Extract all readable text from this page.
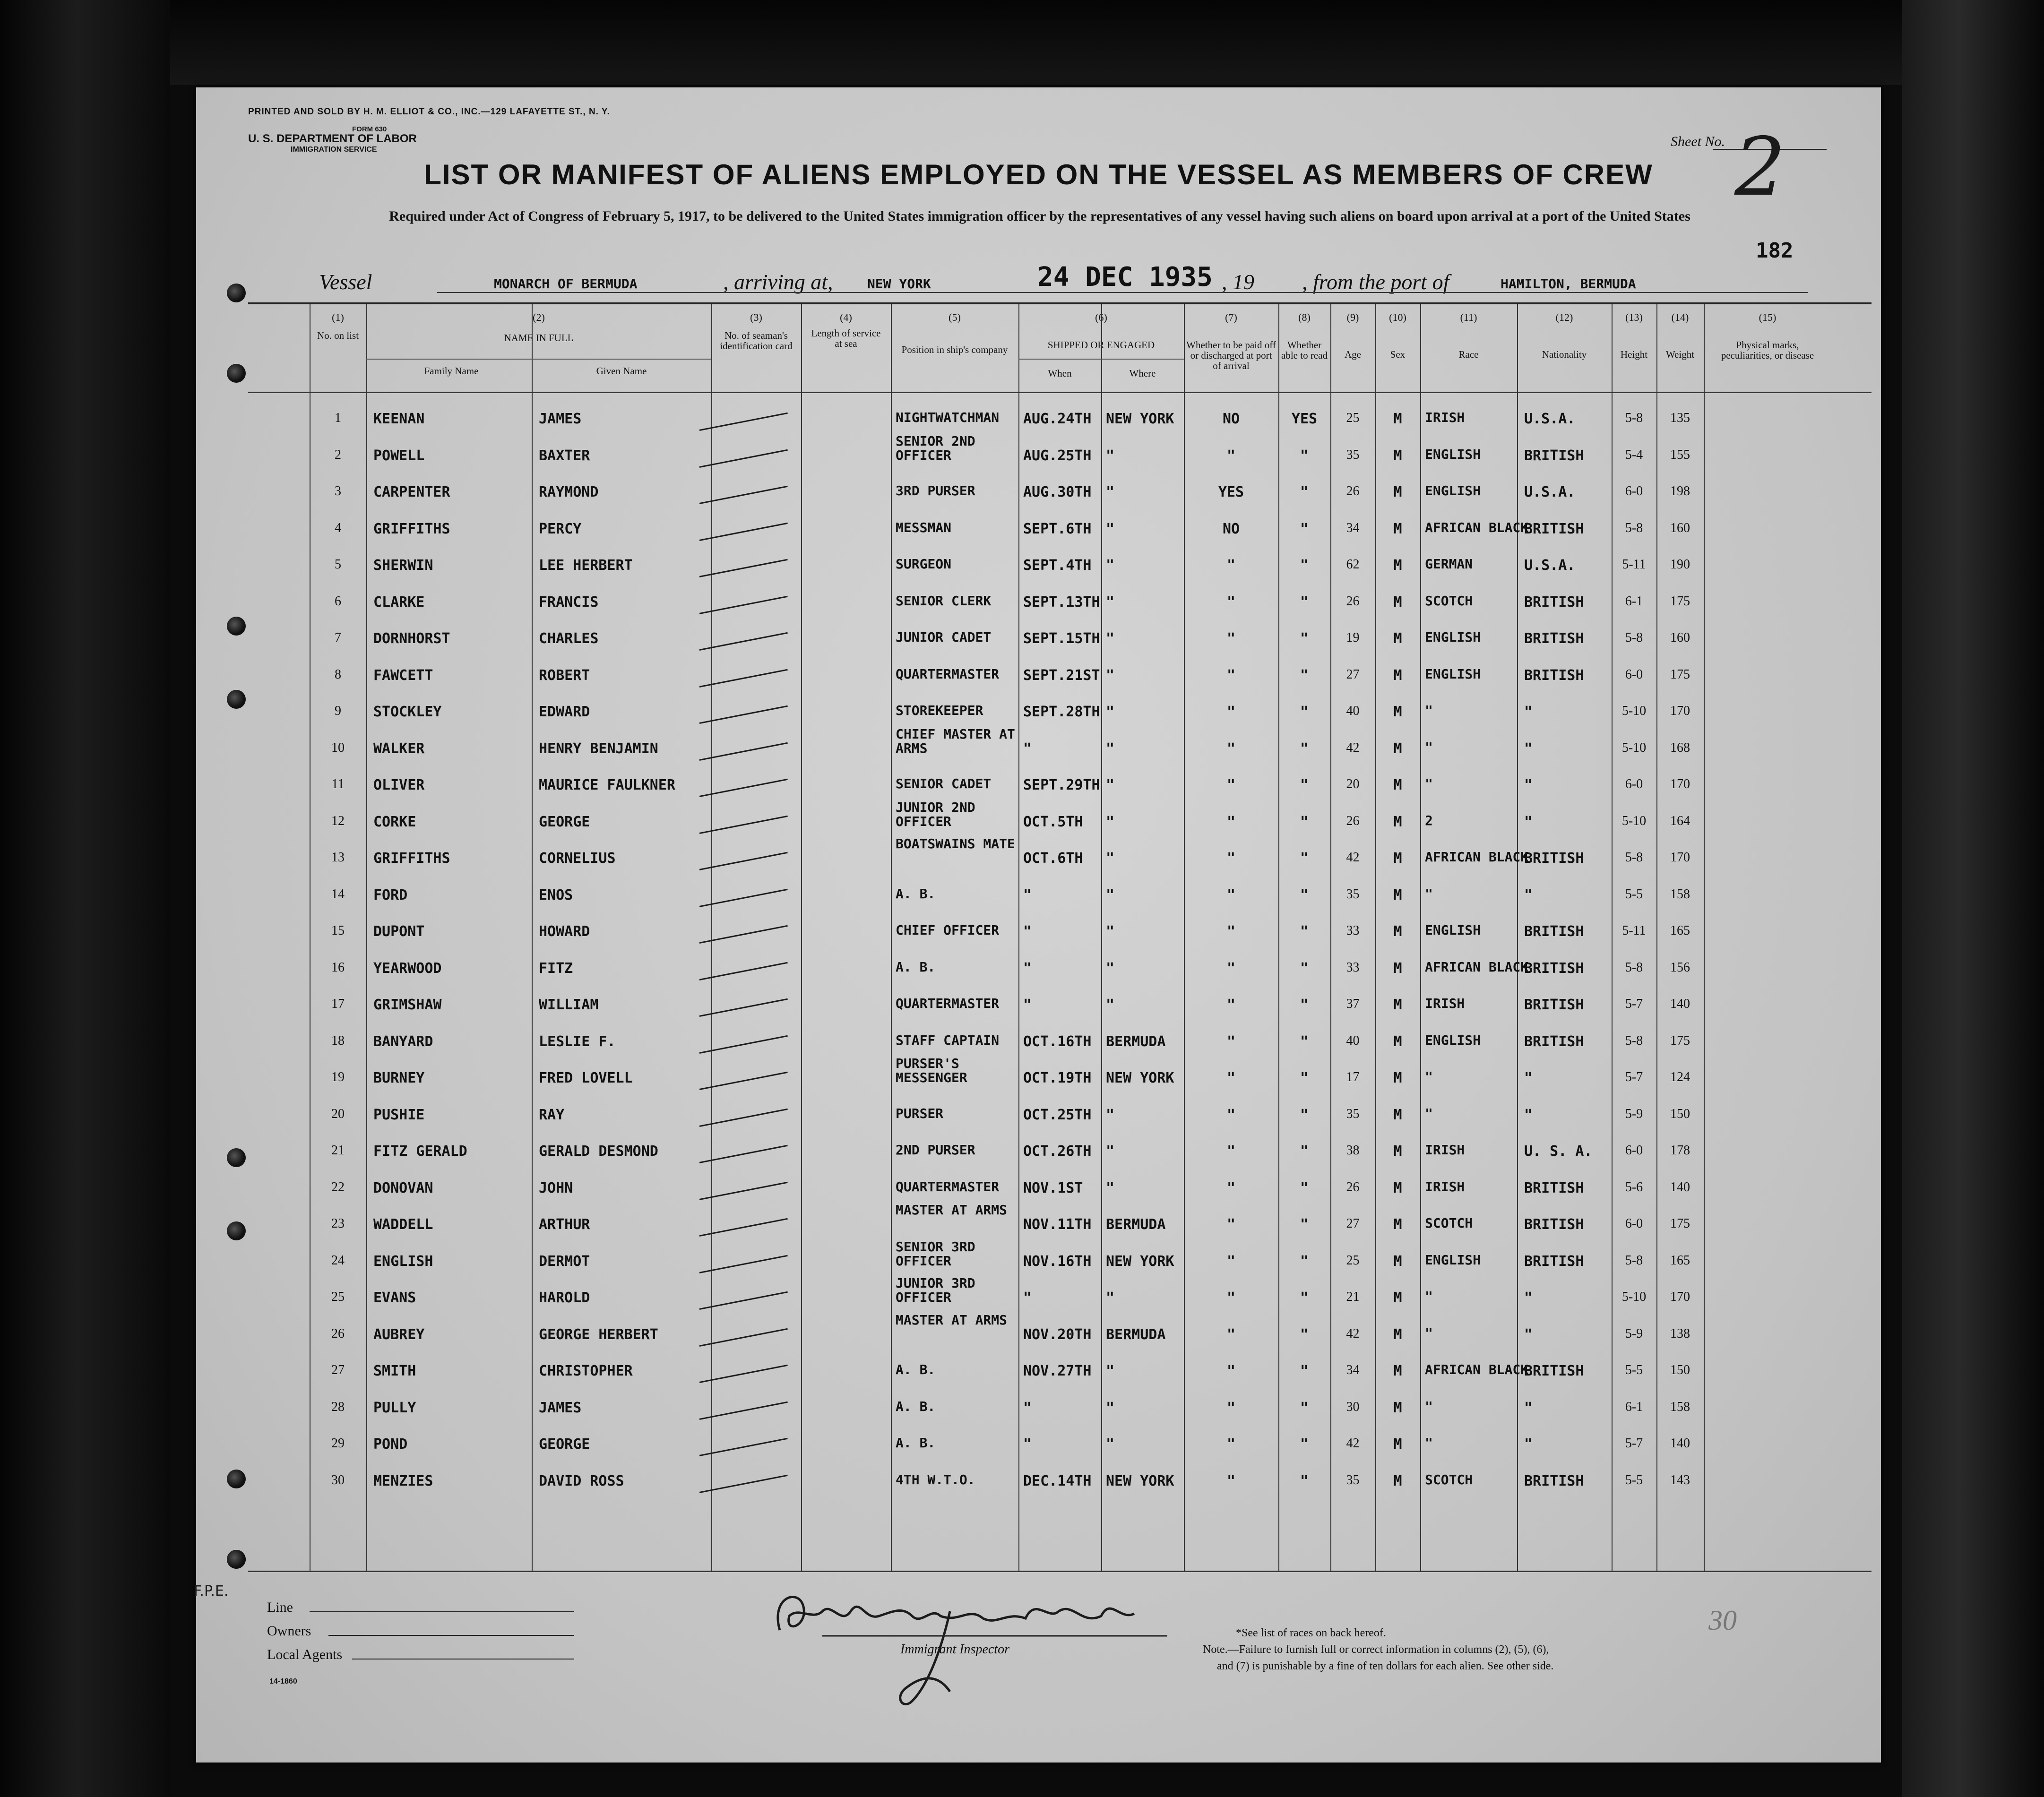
PRINTED AND SOLD BY H. M. ELLIOT & CO., INC.—129 LAFAYETTE ST., N. Y.
FORM 630
U. S. DEPARTMENT OF LABOR
IMMIGRATION SERVICE
Sheet No. 2
182
LIST OR MANIFEST OF ALIENS EMPLOYED ON THE VESSEL AS MEMBERS OF CREW
Required under Act of Congress of February 5, 1917, to be delivered to the United States immigration officer by the representatives of any vessel having such aliens on board upon arrival at a port of the United States
Vessel	MONARCH OF BERMUDA	, arriving at,	NEW YORK	24 DEC 1935 , 19 , from the port of	HAMILTON, BERMUDA
(1)
No. on list
(2)
NAME IN FULL
Family Name	Given Name
(3)
No. of seaman's identification card
(4)
Length of service at sea
(5)
Position in ship's company
(6)
SHIPPED OR ENGAGED
When	Where
(7)
Whether to be paid off or discharged at port of arrival
(8)
Whether able to read
(9)
Age
(10)
Sex
(11)
Race
(12)
Nationality
(13)
Height
(14)
Weight
(15)
Physical marks, peculiarities, or disease
1	KEENAN	JAMES	NIGHTWATCHMAN	AUG.24TH	NEW YORK	NO	YES	25	M	IRISH	U.S.A.	5-8	135
2	POWELL	BAXTER
SENIOR 2ND OFFICER	AUG.25TH	"	"	"	35	M	ENGLISH	BRITISH	5-4	155
3	CARPENTER	RAYMOND	3RD PURSER	AUG.30TH	"	YES	"	26	M	ENGLISH	U.S.A.	6-0	198
4	GRIFFITHS	PERCY	MESSMAN	SEPT.6TH	"	NO	"	34	M	AFRICAN BLACK
BRITISH	5-8	160
5	SHERWIN	LEE HERBERT	SURGEON	SEPT.4TH	"	"	"	62	M	GERMAN	U.S.A.	5-11	190
6	CLARKE	FRANCIS	SENIOR CLERK	SEPT.13TH "	"	"	26	M	SCOTCH	BRITISH	6-1	175
7	DORNHORST	CHARLES	JUNIOR CADET	SEPT.15TH "	"	"	19	M	ENGLISH	BRITISH	5-8	160
8	FAWCETT	ROBERT	QUARTERMASTER	SEPT.21ST "	"	"	27	M	ENGLISH	BRITISH	6-0	175
9	STOCKLEY	EDWARD	STOREKEEPER	SEPT.28TH "	"	"	40	M	"	"	5-10	170
10	WALKER	HENRY BENJAMIN
CHIEF MASTER AT ARMS	"	"	"	"	42	M	"	"	5-10	168
11	OLIVER	MAURICE FAULKNER	SENIOR CADET	SEPT.29TH "	"	"	20	M	"	"	6-0	170
12	CORKE	GEORGE
JUNIOR 2ND OFFICER	OCT.5TH	"	"	"	26	M	2	"	5-10	164
13	GRIFFITHS	CORNELIUS
BOATSWAINS MATE
OCT.6TH	"	"	"	42	M	AFRICAN BLACK
BRITISH	5-8	170
14	FORD	ENOS	A. B.	"	"	"	"	35	M	"	"	5-5	158
15	DUPONT	HOWARD	CHIEF OFFICER	"	"	"	"	33	M	ENGLISH	BRITISH	5-11	165
16	YEARWOOD	FITZ	A. B.	"	"	"	"	33	M	AFRICAN BLACK
BRITISH	5-8	156
17	GRIMSHAW	WILLIAM	QUARTERMASTER	"	"	"	"	37	M	IRISH	BRITISH	5-7	140
18	BANYARD	LESLIE F.	STAFF CAPTAIN	OCT.16TH	BERMUDA	"	"	40	M	ENGLISH	BRITISH	5-8	175
19	BURNEY	FRED LOVELL
PURSER'S MESSENGER	OCT.19TH	NEW YORK	"	"	17	M	"	"	5-7	124
20	PUSHIE	RAY	PURSER	OCT.25TH	"	"	"	35	M	"	"	5-9	150
21	FITZ GERALD	GERALD DESMOND	2ND PURSER	OCT.26TH	"	"	"	38	M	IRISH	U. S. A.	6-0	178
22	DONOVAN	JOHN	QUARTERMASTER	NOV.1ST	"	"	"	26	M	IRISH	BRITISH	5-6	140
23	WADDELL	ARTHUR
MASTER AT ARMS
NOV.11TH	BERMUDA	"	"	27	M	SCOTCH	BRITISH	6-0	175
24	ENGLISH	DERMOT
SENIOR 3RD OFFICER	NOV.16TH	NEW YORK	"	"	25	M	ENGLISH	BRITISH	5-8	165
25	EVANS	HAROLD
JUNIOR 3RD OFFICER	"	"	"	"	21	M	"	"	5-10	170
26	AUBREY	GEORGE HERBERT
MASTER AT ARMS
NOV.20TH	BERMUDA	"	"	42	M	"	"	5-9	138
27	SMITH	CHRISTOPHER	A. B.	NOV.27TH	"	"	"	34	M	AFRICAN BLACK
BRITISH	5-5	150
28	PULLY	JAMES	A. B.	"	"	"	"	30	M	"	"	6-1	158
29	POND	GEORGE	A. B.	"	"	"	"	42	M	"	"	5-7	140
30	MENZIES	DAVID ROSS	4TH W.T.O.	DEC.14TH	NEW YORK	"	"	35	M	SCOTCH	BRITISH	5-5	143
F.P.E.
Line
Owners
Local Agents
14-1860
Immigrant Inspector
*See list of races on back hereof.
Note.—Failure to furnish full or correct information in columns (2), (5), (6),
and (7) is punishable by a fine of ten dollars for each alien. See other side.
30
